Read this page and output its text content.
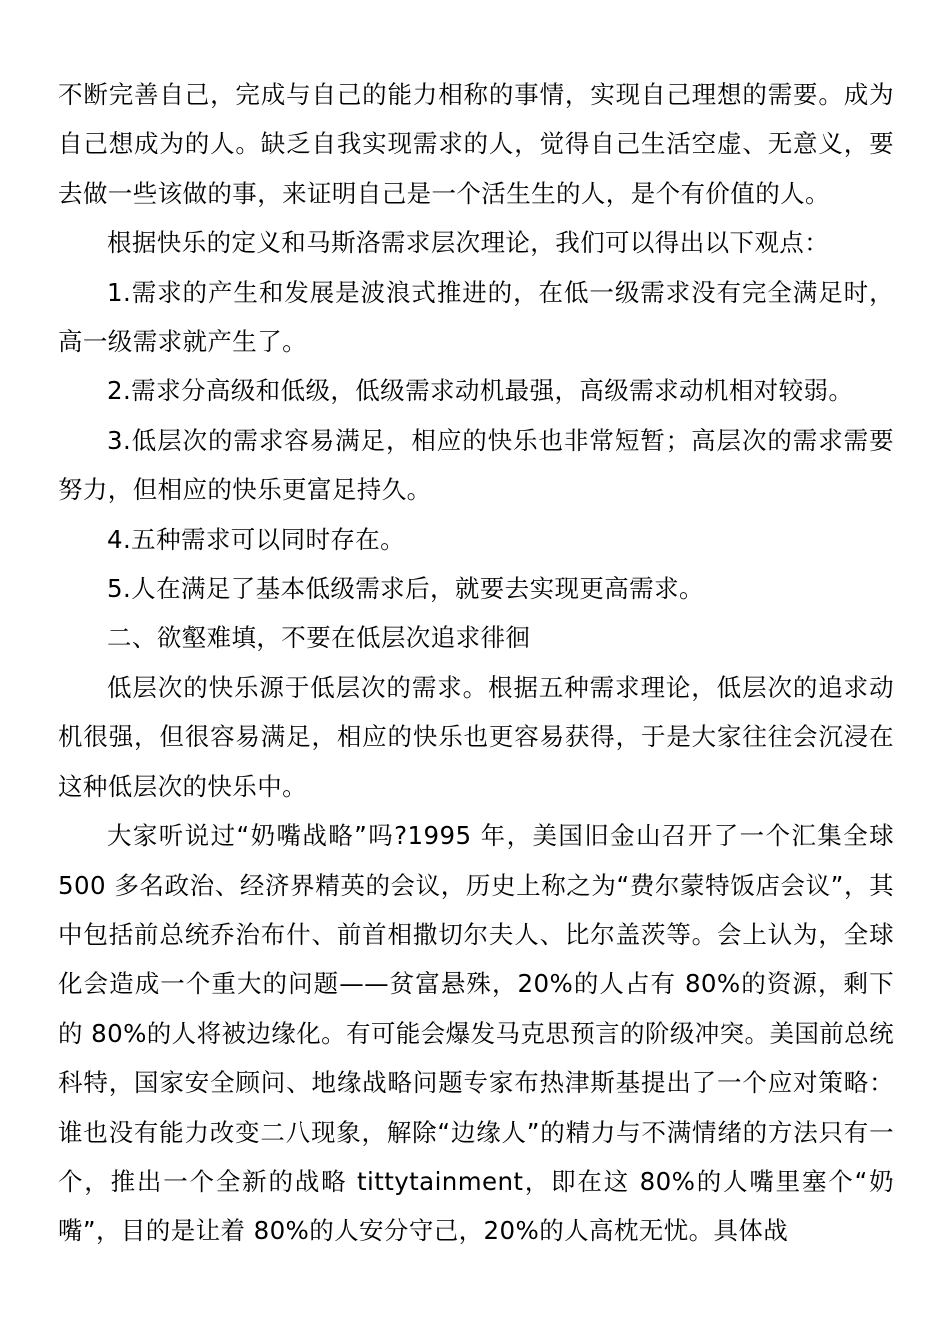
不断完善自己，完成与自己的能力相称的事情，实现自己理想的需要。成为自己想成为的人。缺乏自我实现需求的人，觉得自己生活空虚、无意义，要去做一些该做的事，来证明自己是一个活生生的人，是个有价值的人。

根据快乐的定义和马斯洛需求层次理论，我们可以得出以下观点：

1.需求的产生和发展是波浪式推进的，在低一级需求没有完全满足时，高一级需求就产生了。

2.需求分高级和低级，低级需求动机最强，高级需求动机相对较弱。

3.低层次的需求容易满足，相应的快乐也非常短暂；高层次的需求需要努力，但相应的快乐更富足持久。

4.五种需求可以同时存在。

5.人在满足了基本低级需求后，就要去实现更高需求。

二、欲壑难填，不要在低层次追求徘徊

低层次的快乐源于低层次的需求。根据五种需求理论，低层次的追求动机很强，但很容易满足，相应的快乐也更容易获得，于是大家往往会沉浸在这种低层次的快乐中。

大家听说过“奶嘴战略”吗?1995 年，美国旧金山召开了一个汇集全球 500 多名政治、经济界精英的会议，历史上称之为“费尔蒙特饭店会议”，其中包括前总统乔治布什、前首相撒切尔夫人、比尔盖茨等。会上认为，全球化会造成一个重大的问题——贫富悬殊，20%的人占有 80%的资源，剩下的 80%的人将被边缘化。有可能会爆发马克思预言的阶级冲突。美国前总统科特，国家安全顾问、地缘战略问题专家布热津斯基提出了一个应对策略：谁也没有能力改变二八现象，解除“边缘人”的精力与不满情绪的方法只有一个，推出一个全新的战略 tittytainment，即在这 80%的人嘴里塞个“奶嘴”，目的是让着 80%的人安分守己，20%的人高枕无忧。具体战
